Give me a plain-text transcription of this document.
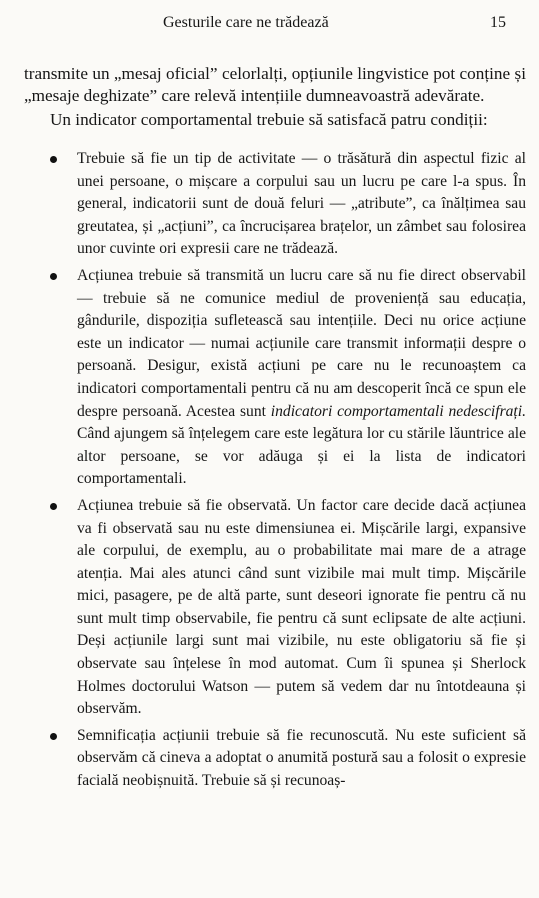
Gesturile care ne trădează	15

transmite un „mesaj oficial” celorlalți, opțiunile lingvistice pot conține și „mesaje deghizate” care relevă intențiile dumneavoastră adevărate.

Un indicator comportamental trebuie să satisfacă patru condiții:

Trebuie să fie un tip de activitate — o trăsătură din aspectul fizic al unei persoane, o mișcare a corpului sau un lucru pe care l-a spus. În general, indicatorii sunt de două feluri — „atribute”, ca înălțimea sau greutatea, și „acțiuni”, ca încrucișarea brațelor, un zâmbet sau folosirea unor cuvinte ori expresii care ne trădează.
Acțiunea trebuie să transmită un lucru care să nu fie direct observabil — trebuie să ne comunice mediul de proveniență sau educația, gândurile, dispoziția sufletească sau intențiile. Deci nu orice acțiune este un indicator — numai acțiunile care transmit informații despre o persoană. Desigur, există acțiuni pe care nu le recunoaștem ca indicatori comportamentali pentru că nu am descoperit încă ce spun ele despre persoană. Acestea sunt indicatori comportamentali nedescifrați. Când ajungem să înțelegem care este legătura lor cu stările lăuntrice ale altor persoane, se vor adăuga și ei la lista de indicatori comportamentali.
Acțiunea trebuie să fie observată. Un factor care decide dacă acțiunea va fi observată sau nu este dimensiunea ei. Mișcările largi, expansive ale corpului, de exemplu, au o probabilitate mai mare de a atrage atenția. Mai ales atunci când sunt vizibile mai mult timp. Mișcările mici, pasagere, pe de altă parte, sunt deseori ignorate fie pentru că nu sunt mult timp observabile, fie pentru că sunt eclipsate de alte acțiuni. Deși acțiunile largi sunt mai vizibile, nu este obligatoriu să fie și observate sau înțelese în mod automat. Cum îi spunea și Sherlock Holmes doctorului Watson — putem să vedem dar nu întotdeauna și observăm.
Semnificația acțiunii trebuie să fie recunoscută. Nu este suficient să observăm că cineva a adoptat o anumită postură sau a folosit o expresie facială neobișnuită. Trebuie să și recunoaș-
